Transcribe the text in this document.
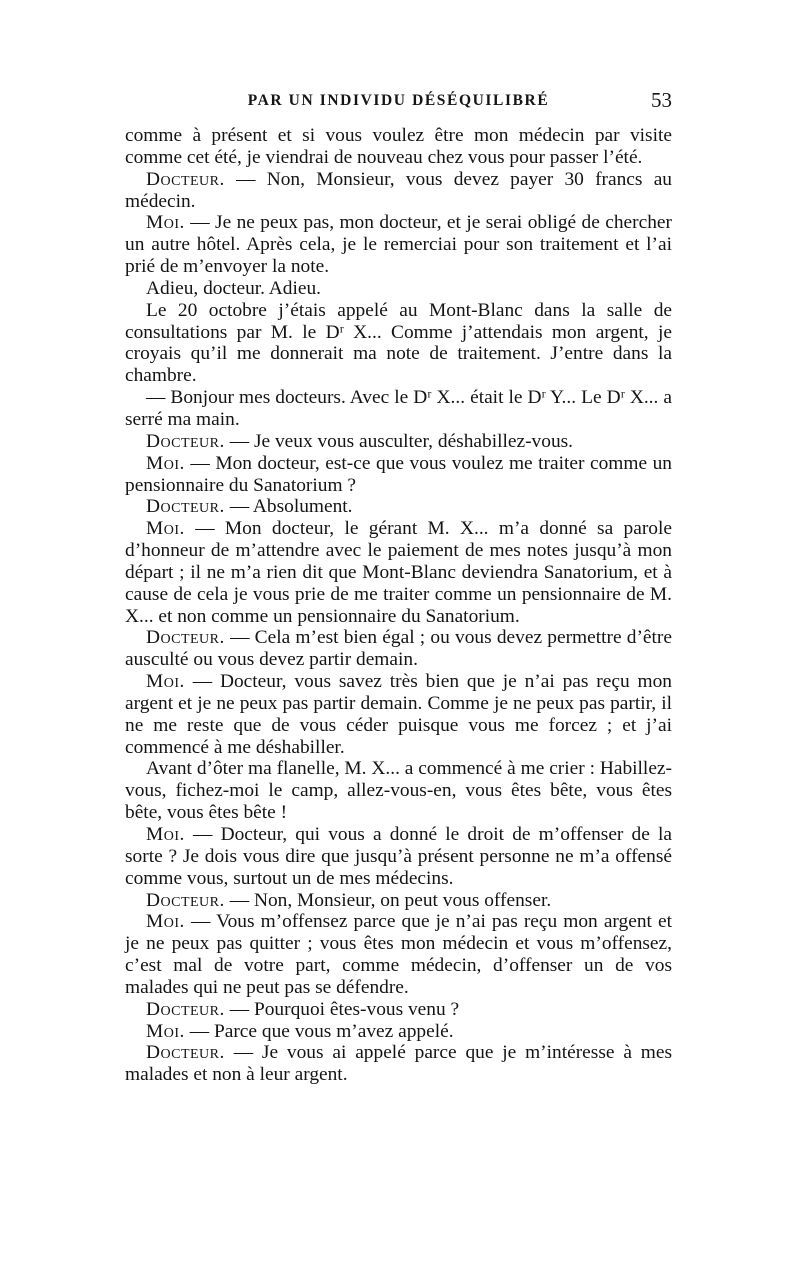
PAR UN INDIVIDU DÉSÉQUILIBRÉ	53

comme à présent et si vous voulez être mon médecin par visite comme cet été, je viendrai de nouveau chez vous pour passer l’été.

Docteur. — Non, Monsieur, vous devez payer 30 francs au médecin.

Moi. — Je ne peux pas, mon docteur, et je serai obligé de chercher un autre hôtel. Après cela, je le remerciai pour son traitement et l’ai prié de m’envoyer la note.

Adieu, docteur. Adieu.

Le 20 octobre j’étais appelé au Mont-Blanc dans la salle de consultations par M. le Dʳ X... Comme j’attendais mon argent, je croyais qu’il me donnerait ma note de traitement. J’entre dans la chambre.

— Bonjour mes docteurs. Avec le Dʳ X... était le Dʳ Y... Le Dʳ X... a serré ma main.

Docteur. — Je veux vous ausculter, déshabillez-vous.

Moi. — Mon docteur, est-ce que vous voulez me traiter comme un pensionnaire du Sanatorium ?

Docteur. — Absolument.

Moi. — Mon docteur, le gérant M. X... m’a donné sa parole d’honneur de m’attendre avec le paiement de mes notes jusqu’à mon départ ; il ne m’a rien dit que Mont-Blanc deviendra Sanatorium, et à cause de cela je vous prie de me traiter comme un pensionnaire de M. X... et non comme un pensionnaire du Sanatorium.

Docteur. — Cela m’est bien égal ; ou vous devez permettre d’être ausculté ou vous devez partir demain.

Moi. — Docteur, vous savez très bien que je n’ai pas reçu mon argent et je ne peux pas partir demain. Comme je ne peux pas partir, il ne me reste que de vous céder puisque vous me forcez ; et j’ai commencé à me déshabiller.

Avant d’ôter ma flanelle, M. X... a commencé à me crier : Habillez-vous, fichez-moi le camp, allez-vous-en, vous êtes bête, vous êtes bête, vous êtes bête !

Moi. — Docteur, qui vous a donné le droit de m’offenser de la sorte ? Je dois vous dire que jusqu’à présent personne ne m’a offensé comme vous, surtout un de mes médecins.

Docteur. — Non, Monsieur, on peut vous offenser.

Moi. — Vous m’offensez parce que je n’ai pas reçu mon argent et je ne peux pas quitter ; vous êtes mon médecin et vous m’offensez, c’est mal de votre part, comme médecin, d’offenser un de vos malades qui ne peut pas se défendre.

Docteur. — Pourquoi êtes-vous venu ?

Moi. — Parce que vous m’avez appelé.

Docteur. — Je vous ai appelé parce que je m’intéresse à mes malades et non à leur argent.
